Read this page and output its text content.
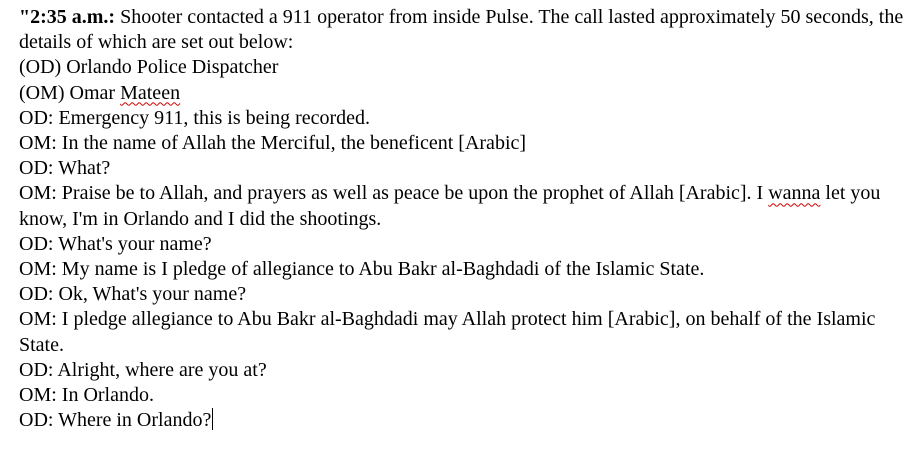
"2:35 a.m.: Shooter contacted a 911 operator from inside Pulse. The call lasted approximately 50 seconds, the details of which are set out below:

(OD) Orlando Police Dispatcher

(OM) Omar Mateen

OD: Emergency 911, this is being recorded.

OM: In the name of Allah the Merciful, the beneficent [Arabic]

OD: What?

OM: Praise be to Allah, and prayers as well as peace be upon the prophet of Allah [Arabic]. I wanna let you know, I'm in Orlando and I did the shootings.

OD: What's your name?

OM: My name is I pledge of allegiance to Abu Bakr al-Baghdadi of the Islamic State.

OD: Ok, What's your name?

OM: I pledge allegiance to Abu Bakr al-Baghdadi may Allah protect him [Arabic], on behalf of the Islamic State.

OD: Alright, where are you at?

OM: In Orlando.

OD: Where in Orlando?
